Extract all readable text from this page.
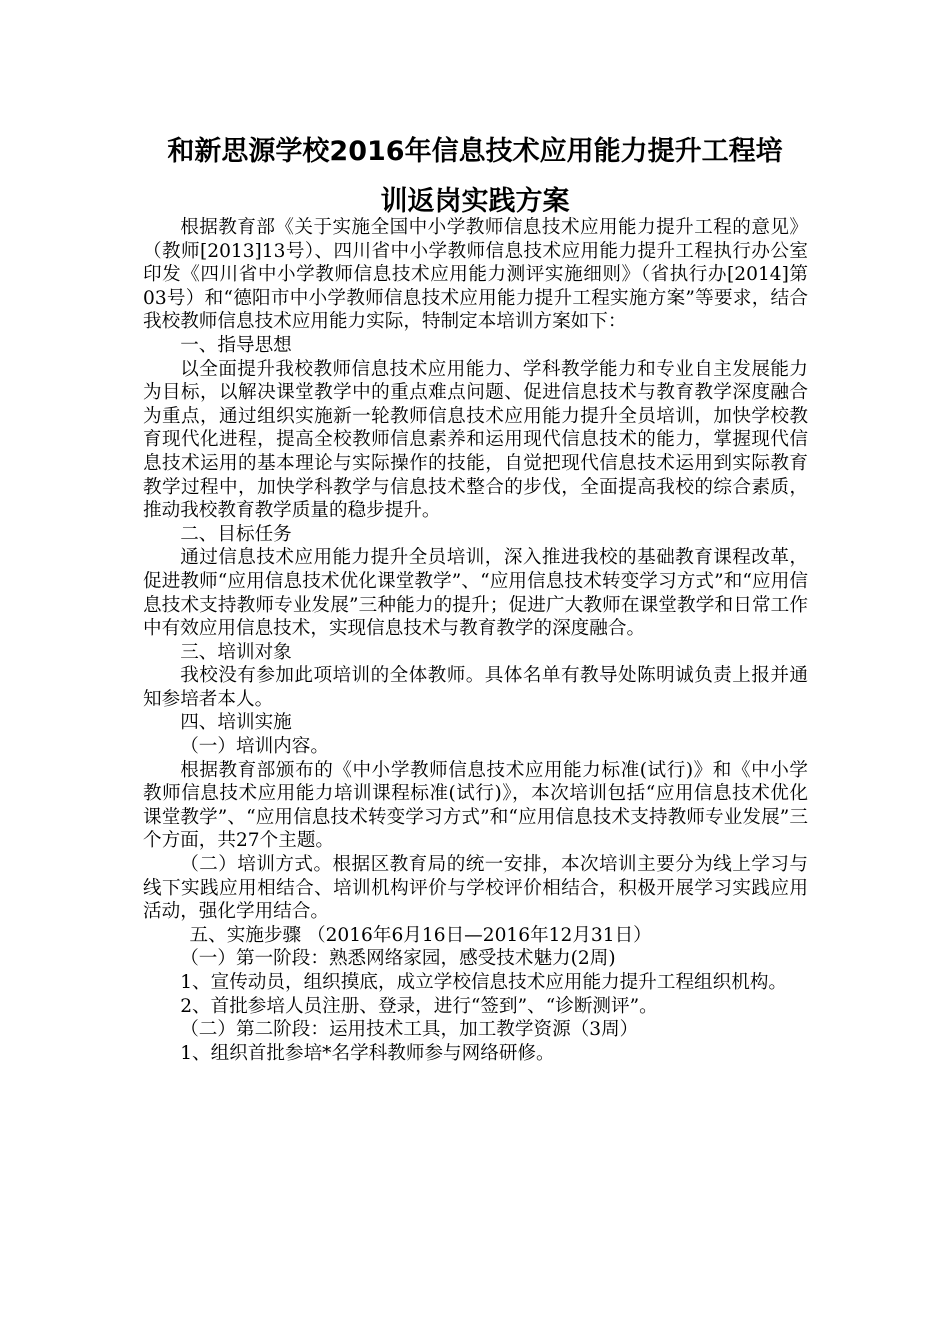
和新思源学校2016年信息技术应用能力提升工程培
训返岗实践方案

根据教育部《关于实施全国中小学教师信息技术应用能力提升工程的意见》（教师[2013]13号）、四川省中小学教师信息技术应用能力提升工程执行办公室印发《四川省中小学教师信息技术应用能力测评实施细则》（省执行办[2014]第03号）和“德阳市中小学教师信息技术应用能力提升工程实施方案”等要求，结合我校教师信息技术应用能力实际，特制定本培训方案如下：

一、指导思想

以全面提升我校教师信息技术应用能力、学科教学能力和专业自主发展能力为目标，以解决课堂教学中的重点难点问题、促进信息技术与教育教学深度融合为重点，通过组织实施新一轮教师信息技术应用能力提升全员培训，加快学校教育现代化进程，提高全校教师信息素养和运用现代信息技术的能力，掌握现代信息技术运用的基本理论与实际操作的技能，自觉把现代信息技术运用到实际教育教学过程中，加快学科教学与信息技术整合的步伐，全面提高我校的综合素质，推动我校教育教学质量的稳步提升。

二、目标任务

通过信息技术应用能力提升全员培训，深入推进我校的基础教育课程改革，促进教师“应用信息技术优化课堂教学”、“应用信息技术转变学习方式”和“应用信息技术支持教师专业发展”三种能力的提升；促进广大教师在课堂教学和日常工作中有效应用信息技术，实现信息技术与教育教学的深度融合。

三、培训对象

我校没有参加此项培训的全体教师。具体名单有教导处陈明诚负责上报并通知参培者本人。

四、培训实施

（一）培训内容。

根据教育部颁布的《中小学教师信息技术应用能力标准(试行)》和《中小学教师信息技术应用能力培训课程标准(试行)》，本次培训包括“应用信息技术优化课堂教学”、“应用信息技术转变学习方式”和“应用信息技术支持教师专业发展”三个方面，共27个主题。

（二）培训方式。根据区教育局的统一安排，本次培训主要分为线上学习与线下实践应用相结合、培训机构评价与学校评价相结合，积极开展学习实践应用活动，强化学用结合。

五、实施步骤 （2016年6月16日—2016年12月31日）

（一）第一阶段：熟悉网络家园，感受技术魅力(2周)

1、宣传动员，组织摸底，成立学校信息技术应用能力提升工程组织机构。

2、首批参培人员注册、登录，进行“签到”、“诊断测评”。

（二）第二阶段：运用技术工具，加工教学资源（3周）

1、组织首批参培*名学科教师参与网络研修。
